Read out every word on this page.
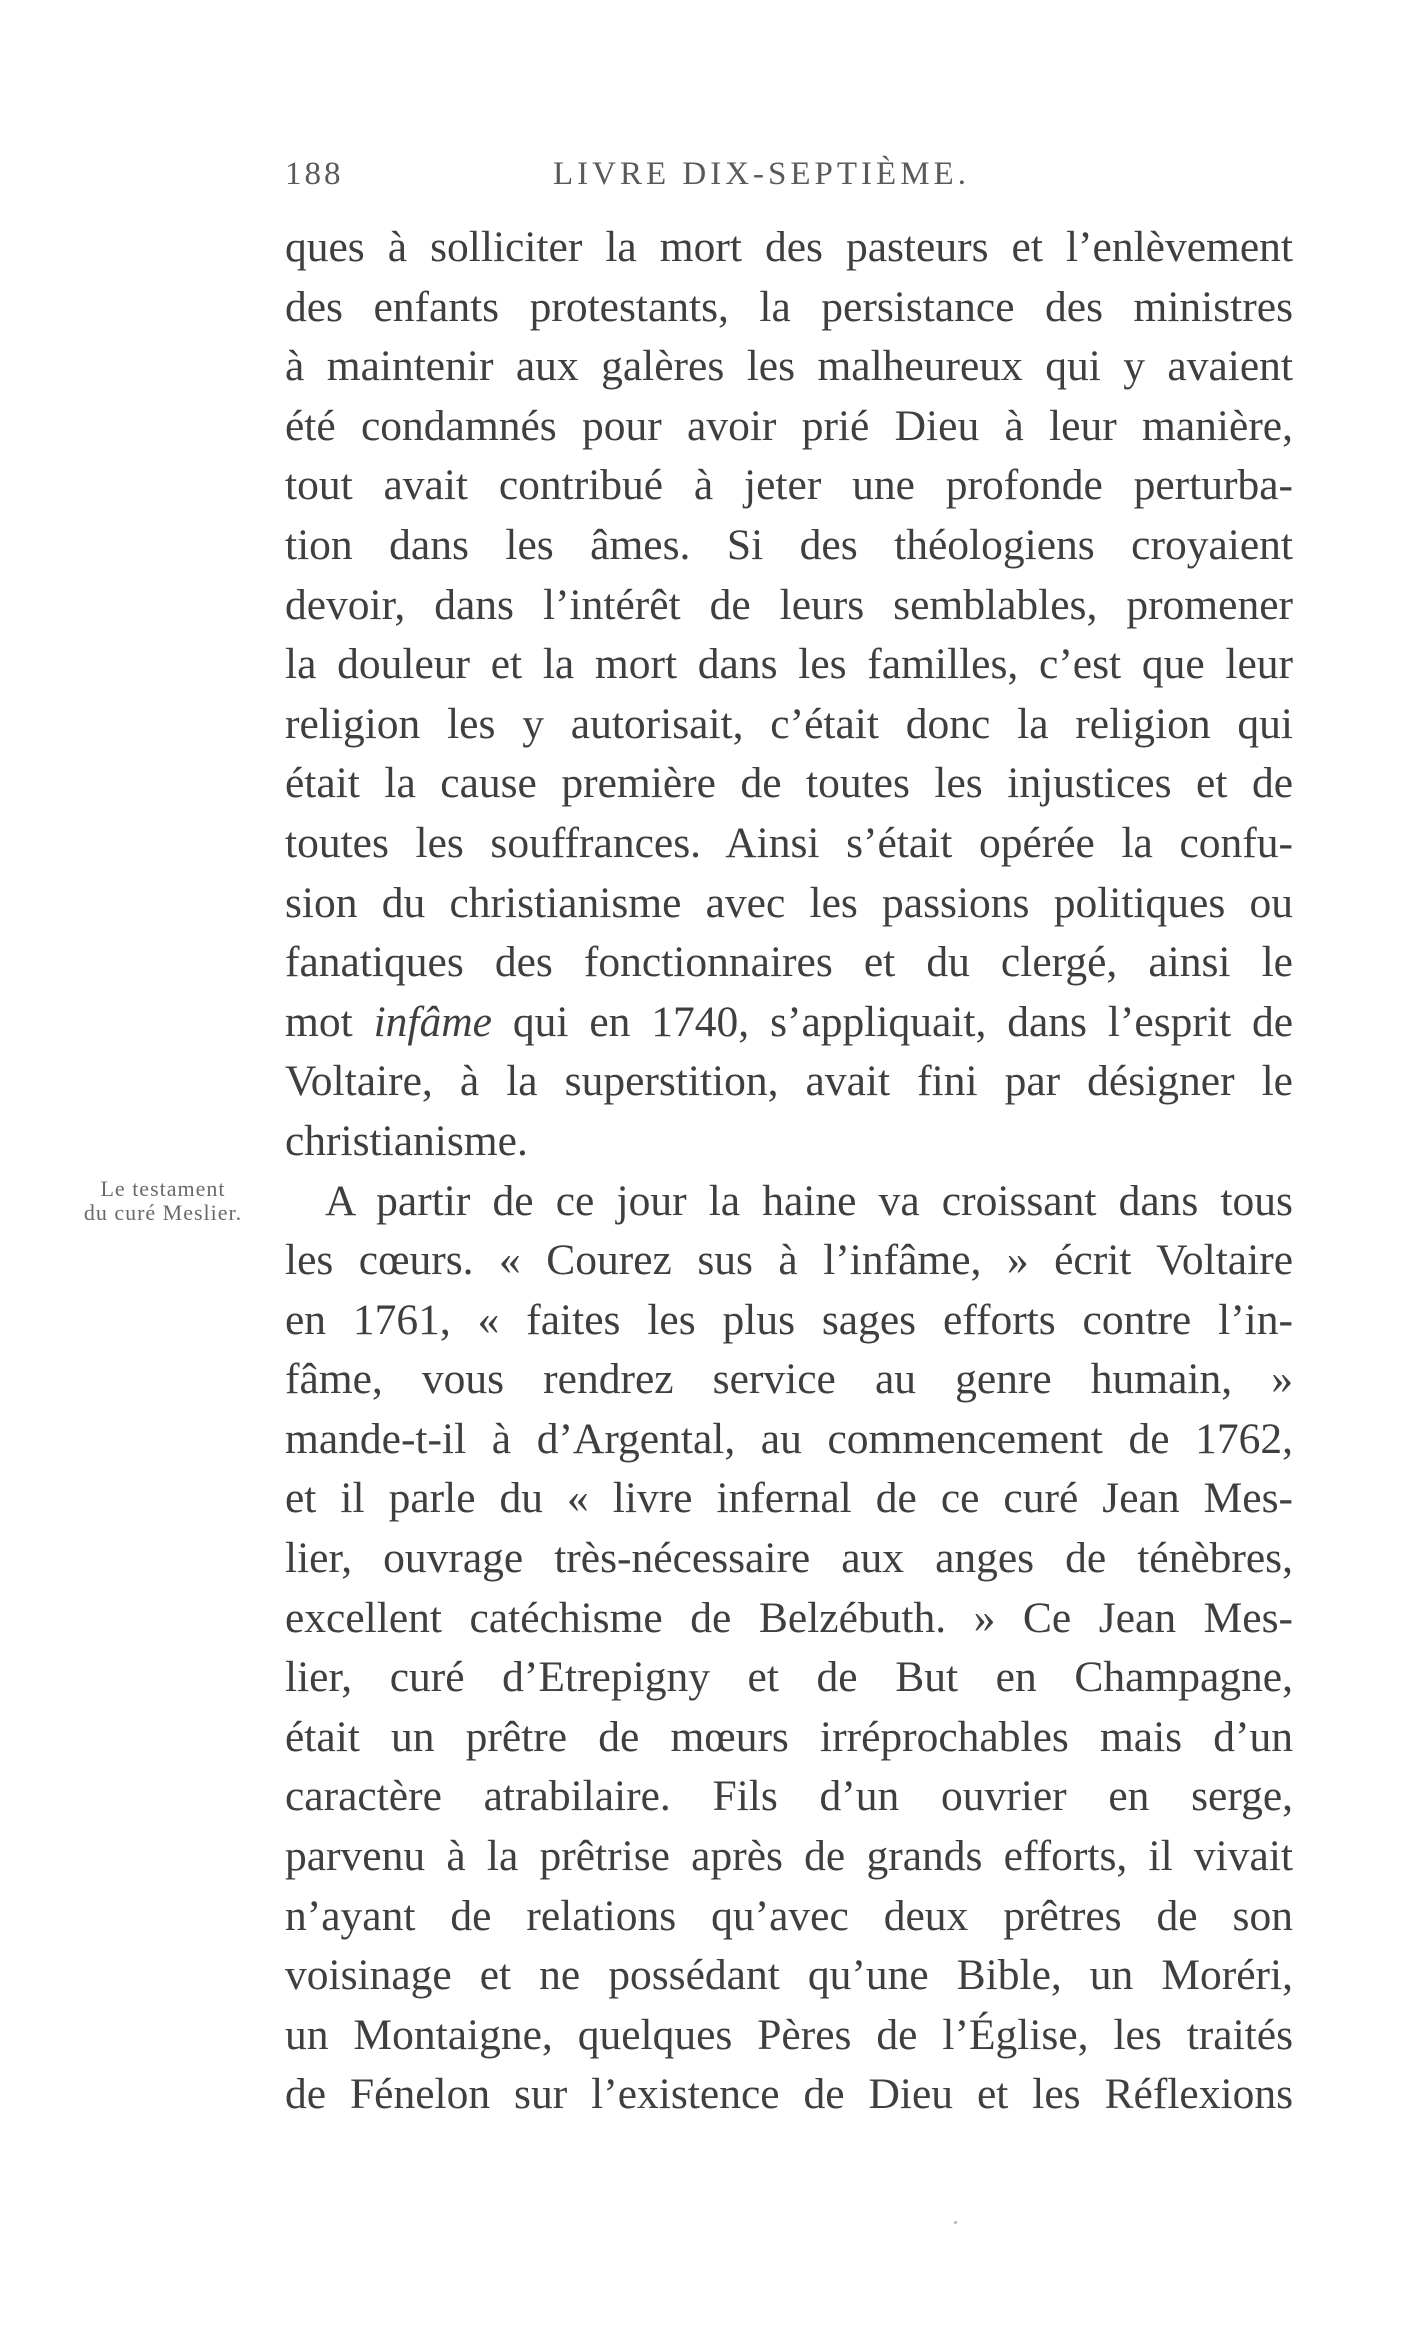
188	LIVRE DIX-SEPTIÈME.
Le testament
du curé Meslier.
ques à solliciter la mort des pasteurs et l’enlèvement
des enfants protestants, la persistance des ministres
à maintenir aux galères les malheureux qui y avaient
été condamnés pour avoir prié Dieu à leur manière,
tout avait contribué à jeter une profonde perturba-
tion dans les âmes. Si des théologiens croyaient
devoir, dans l’intérêt de leurs semblables, promener
la douleur et la mort dans les familles, c’est que leur
religion les y autorisait, c’était donc la religion qui
était la cause première de toutes les injustices et de
toutes les souffrances. Ainsi s’était opérée la confu-
sion du christianisme avec les passions politiques ou
fanatiques des fonctionnaires et du clergé, ainsi le
mot infâme qui en 1740, s’appliquait, dans l’esprit de
Voltaire, à la superstition, avait fini par désigner le
christianisme.
A partir de ce jour la haine va croissant dans tous
les cœurs. « Courez sus à l’infâme, » écrit Voltaire
en 1761, « faites les plus sages efforts contre l’in-
fâme, vous rendrez service au genre humain, »
mande-t-il à d’Argental, au commencement de 1762,
et il parle du « livre infernal de ce curé Jean Mes-
lier, ouvrage très-nécessaire aux anges de ténèbres,
excellent catéchisme de Belzébuth. » Ce Jean Mes-
lier, curé d’Etrepigny et de But en Champagne,
était un prêtre de mœurs irréprochables mais d’un
caractère atrabilaire. Fils d’un ouvrier en serge,
parvenu à la prêtrise après de grands efforts, il vivait
n’ayant de relations qu’avec deux prêtres de son
voisinage et ne possédant qu’une Bible, un Moréri,
un Montaigne, quelques Pères de l’Église, les traités
de Fénelon sur l’existence de Dieu et les Réflexions
